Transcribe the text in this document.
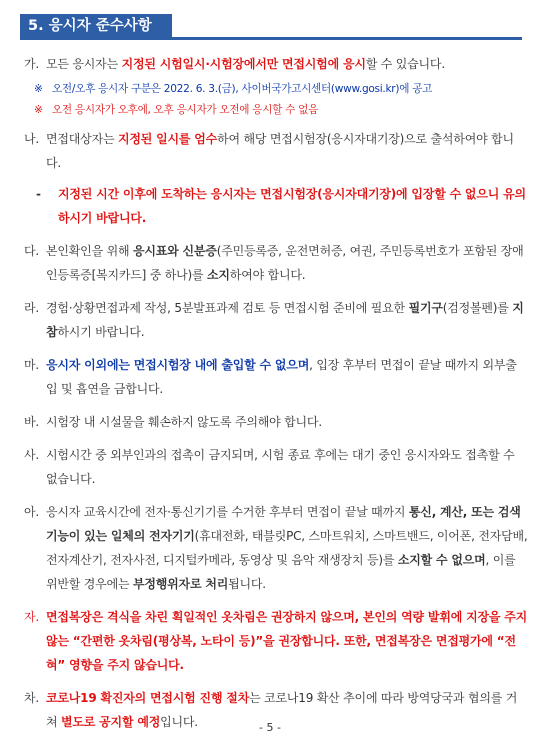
5. 응시자 준수사항
가. 모든 응시자는 지정된 시험일시·시험장에서만 면접시험에 응시할 수 있습니다.
※ 오전/오후 응시자 구분은 2022. 6. 3.(금), 사이버국가고시센터(www.gosi.kr)에 공고
※ 오전 응시자가 오후에, 오후 응시자가 오전에 응시할 수 없음
나. 면접대상자는 지정된 일시를 엄수하여 해당 면접시험장(응시자대기장)으로 출석하여야 합니다.
- 지정된 시간 이후에 도착하는 응시자는 면접시험장(응시자대기장)에 입장할 수 없으니 유의하시기 바랍니다.
다. 본인확인을 위해 응시표와 신분증(주민등록증, 운전면허증, 여권, 주민등록번호가 포함된 장애인등록증[복지카드] 중 하나)를 소지하여야 합니다.
라. 경험·상황면접과제 작성, 5분발표과제 검토 등 면접시험 준비에 필요한 필기구(검정볼펜)를 지참하시기 바랍니다.
마. 응시자 이외에는 면접시험장 내에 출입할 수 없으며, 입장 후부터 면접이 끝날 때까지 외부출입 및 흡연을 금합니다.
바. 시험장 내 시설물을 훼손하지 않도록 주의해야 합니다.
사. 시험시간 중 외부인과의 접촉이 금지되며, 시험 종료 후에는 대기 중인 응시자와도 접촉할 수 없습니다.
아. 응시자 교육시간에 전자·통신기기를 수거한 후부터 면접이 끝날 때까지 통신, 계산, 또는 검색 기능이 있는 일체의 전자기기(휴대전화, 태블릿PC, 스마트워치, 스마트밴드, 이어폰, 전자담배, 전자계산기, 전자사전, 디지털카메라, 동영상 및 음악 재생장치 등)를 소지할 수 없으며, 이를 위반할 경우에는 부정행위자로 처리됩니다.
자. 면접복장은 격식을 차린 획일적인 옷차림은 권장하지 않으며, 본인의 역량 발휘에 지장을 주지 않는 “간편한 옷차림(평상복, 노타이 등)”을 권장합니다. 또한, 면접복장은 면접평가에 “전혀” 영향을 주지 않습니다.
차. 코로나19 확진자의 면접시험 진행 절차는 코로나19 확산 추이에 따라 방역당국과 협의를 거쳐 별도로 공지할 예정입니다.	- 5 -
